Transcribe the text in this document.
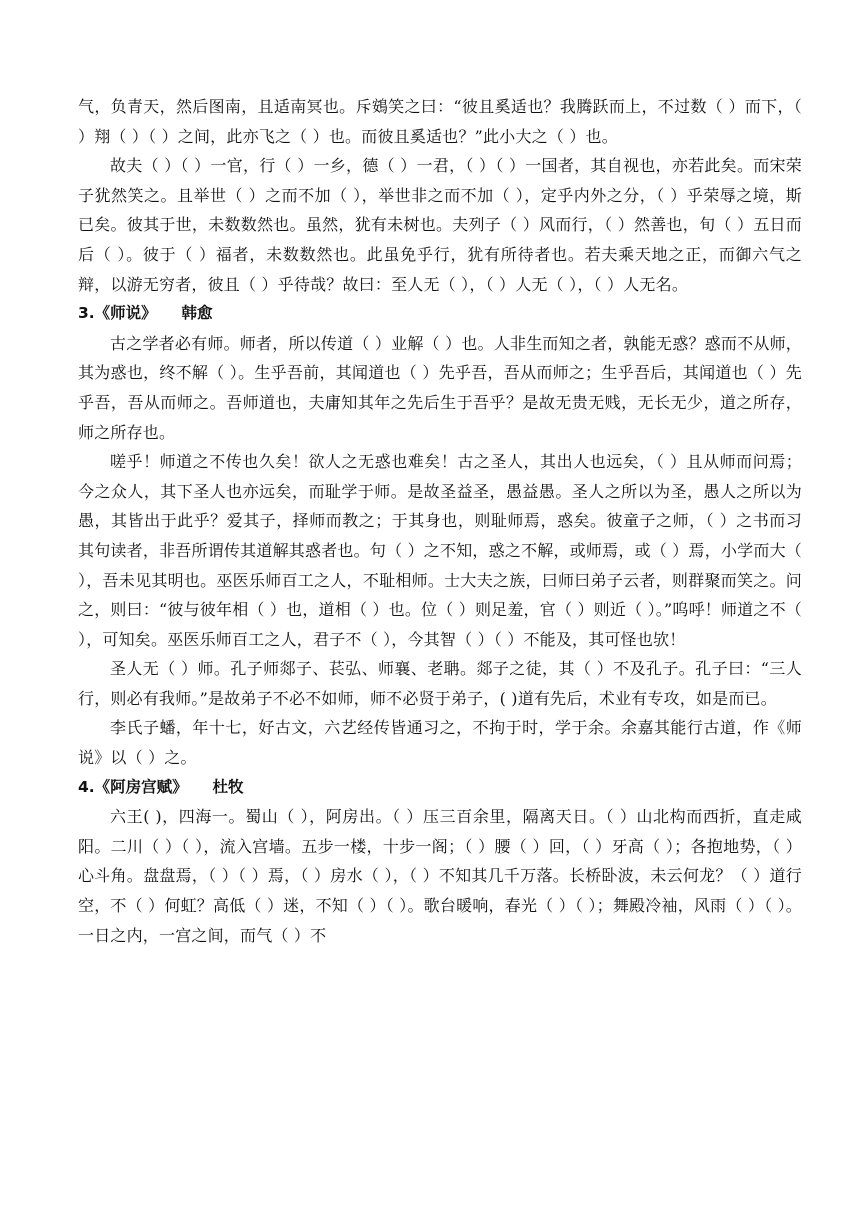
气，负青天，然后图南，且适南冥也。斥鴳笑之曰：“彼且奚适也？我腾跃而上，不过数（ ）而下，（ ）翔（ ）（ ）之间，此亦飞之（ ）也。而彼且奚适也？”此小大之（ ）也。

故夫（ ）（ ）一官，行（ ）一乡，德（ ）一君，（ ）（ ）一国者，其自视也，亦若此矣。而宋荣子犹然笑之。且举世（ ）之而不加（ ），举世非之而不加（ ），定乎内外之分，（ ）乎荣辱之境，斯已矣。彼其于世，未数数然也。虽然，犹有未树也。夫列子（ ）风而行，（ ）然善也，旬（ ）五日而后（ ）。彼于（ ）福者，未数数然也。此虽免乎行，犹有所待者也。若夫乘天地之正，而御六气之辩，以游无穷者，彼且（ ）乎待哉？故曰：至人无（ ），（ ）人无（ ），（ ）人无名。

3.《师说》 韩愈

古之学者必有师。师者，所以传道（ ）业解（ ）也。人非生而知之者，孰能无惑？惑而不从师，其为惑也，终不解（ ）。生乎吾前，其闻道也（ ）先乎吾，吾从而师之；生乎吾后，其闻道也（ ）先乎吾，吾从而师之。吾师道也，夫庸知其年之先后生于吾乎？是故无贵无贱，无长无少，道之所存，师之所存也。

嗟乎！师道之不传也久矣！欲人之无惑也难矣！古之圣人，其出人也远矣，（ ）且从师而问焉；今之众人，其下圣人也亦远矣，而耻学于师。是故圣益圣，愚益愚。圣人之所以为圣，愚人之所以为愚，其皆出于此乎？爱其子，择师而教之；于其身也，则耻师焉，惑矣。彼童子之师，（ ）之书而习其句读者，非吾所谓传其道解其惑者也。句（ ）之不知，惑之不解，或师焉，或（ ）焉，小学而大（ ），吾未见其明也。巫医乐师百工之人，不耻相师。士大夫之族，曰师曰弟子云者，则群聚而笑之。问之，则曰：“彼与彼年相（ ）也，道相（ ）也。位（ ）则足羞，官（ ）则近（ ）。”呜呼！师道之不（ ），可知矣。巫医乐师百工之人，君子不（ ），今其智（ ）（ ）不能及，其可怪也欤！

圣人无（ ）师。孔子师郯子、苌弘、师襄、老聃。郯子之徒，其（ ）不及孔子。孔子曰：“三人行，则必有我师。”是故弟子不必不如师，师不必贤于弟子，( )道有先后，术业有专攻，如是而已。

李氏子蟠，年十七，好古文，六艺经传皆通习之，不拘于时，学于余。余嘉其能行古道，作《师说》以（ ）之。

4.《阿房宫赋》 杜牧

六王( )，四海一。蜀山（ ），阿房出。（ ）压三百余里，隔离天日。（ ）山北构而西折，直走咸阳。二川（ ）（ ），流入宫墙。五步一楼，十步一阁；（ ）腰（ ）回，（ ）牙高（ ）；各抱地势，（ ）心斗角。盘盘焉，（ ）（ ）焉，（ ）房水（ ），（ ）不知其几千万落。长桥卧波，未云何龙？（ ）道行空，不（ ）何虹？高低（ ）迷，不知（ ）（ ）。歌台暖响，春光（ ）（ ）；舞殿冷袖，风雨（ ）（ ）。一日之内，一宫之间，而气（ ）不
